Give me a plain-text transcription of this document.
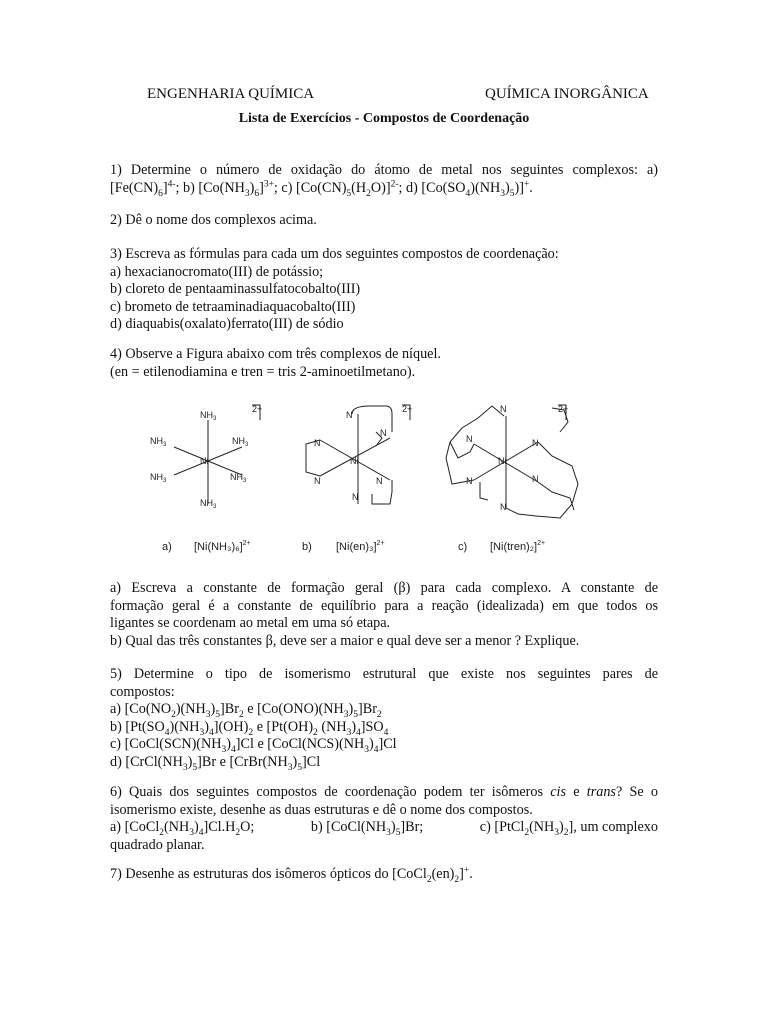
ENGENHARIA QUÍMICA	QUÍMICA INORGÂNICA
Lista de Exercícios - Compostos de Coordenação
1) Determine o número de oxidação do átomo de metal nos seguintes complexos: a)
$[Fe(CN)_6]^{4-}$; b) $[Co(NH_3)_6]^{3+}$; c) $[Co(CN)_5(H_2O)]^{2-}$; d) $[Co(SO_4)(NH_3)_5)]^+$.
2) Dê o nome dos complexos acima.
3) Escreva as fórmulas para cada um dos seguintes compostos de coordenação:
a) hexacianocromato(III) de potássio;
b) cloreto de pentaaminassulfatocobalto(III)
c) brometo de tetraaminadiaquacobalto(III)
d) diaquabis(oxalato)ferrato(III) de sódio
4) Observe a Figura abaixo com três complexos de níquel.
(en = etilenodiamina e tren = tris 2-aminoetilmetano).
$NH_3$
$NH_3$	$NH_3$
Ni
$NH_3$	$NH_3$
$NH_3$
2+
N
N
N
Ni
N	N
N
2+	N
N	N
Ni
N	N
N
2+
a) $[Ni(NH_3)_6]^{2+}$	b) $[Ni(en)_3]^{2+}$	c) [Ni(tren)₂]$^{2+}$
a) Escreva a constante de formação geral (β) para cada complexo. A constante de
formação geral é a constante de equilíbrio para a reação (idealizada) em que todos os
ligantes se coordenam ao metal em uma só etapa.
b) Qual das três constantes β, deve ser a maior e qual deve ser a menor ? Explique.
5) Determine o tipo de isomerismo estrutural que existe nos seguintes pares de
compostos:
a) $[Co(NO_2)(NH_3)_5]Br_2$ e $[Co(ONO)(NH_3)_5]Br_2$
b) $[Pt(SO_4)(NH_3)_4](OH)_2$ e [$Pt(OH)_2$ $(NH_3)_4]SO_4$
c) $[CoCl(SCN)(NH_3)_4]Cl$ e $[CoCl(NCS)(NH_3)_4]Cl$
d) $[CrCl(NH_3)_5]Br$ e $[CrBr(NH_3)_5]Cl$
6) Quais dos seguintes compostos de coordenação podem ter isômeros cis e trans? Se o
isomerismo existe, desenhe as duas estruturas e dê o nome dos compostos.
a) $[CoCl_2(NH_3)_4]Cl.H_2O$;	b) $[CoCl(NH_3)_5]Br$;	c) $[PtCl_2(NH_3)_2]$, um complexo
quadrado planar.
7) Desenhe as estruturas dos isômeros ópticos do $[CoCl_2(en)_2]^+$.
